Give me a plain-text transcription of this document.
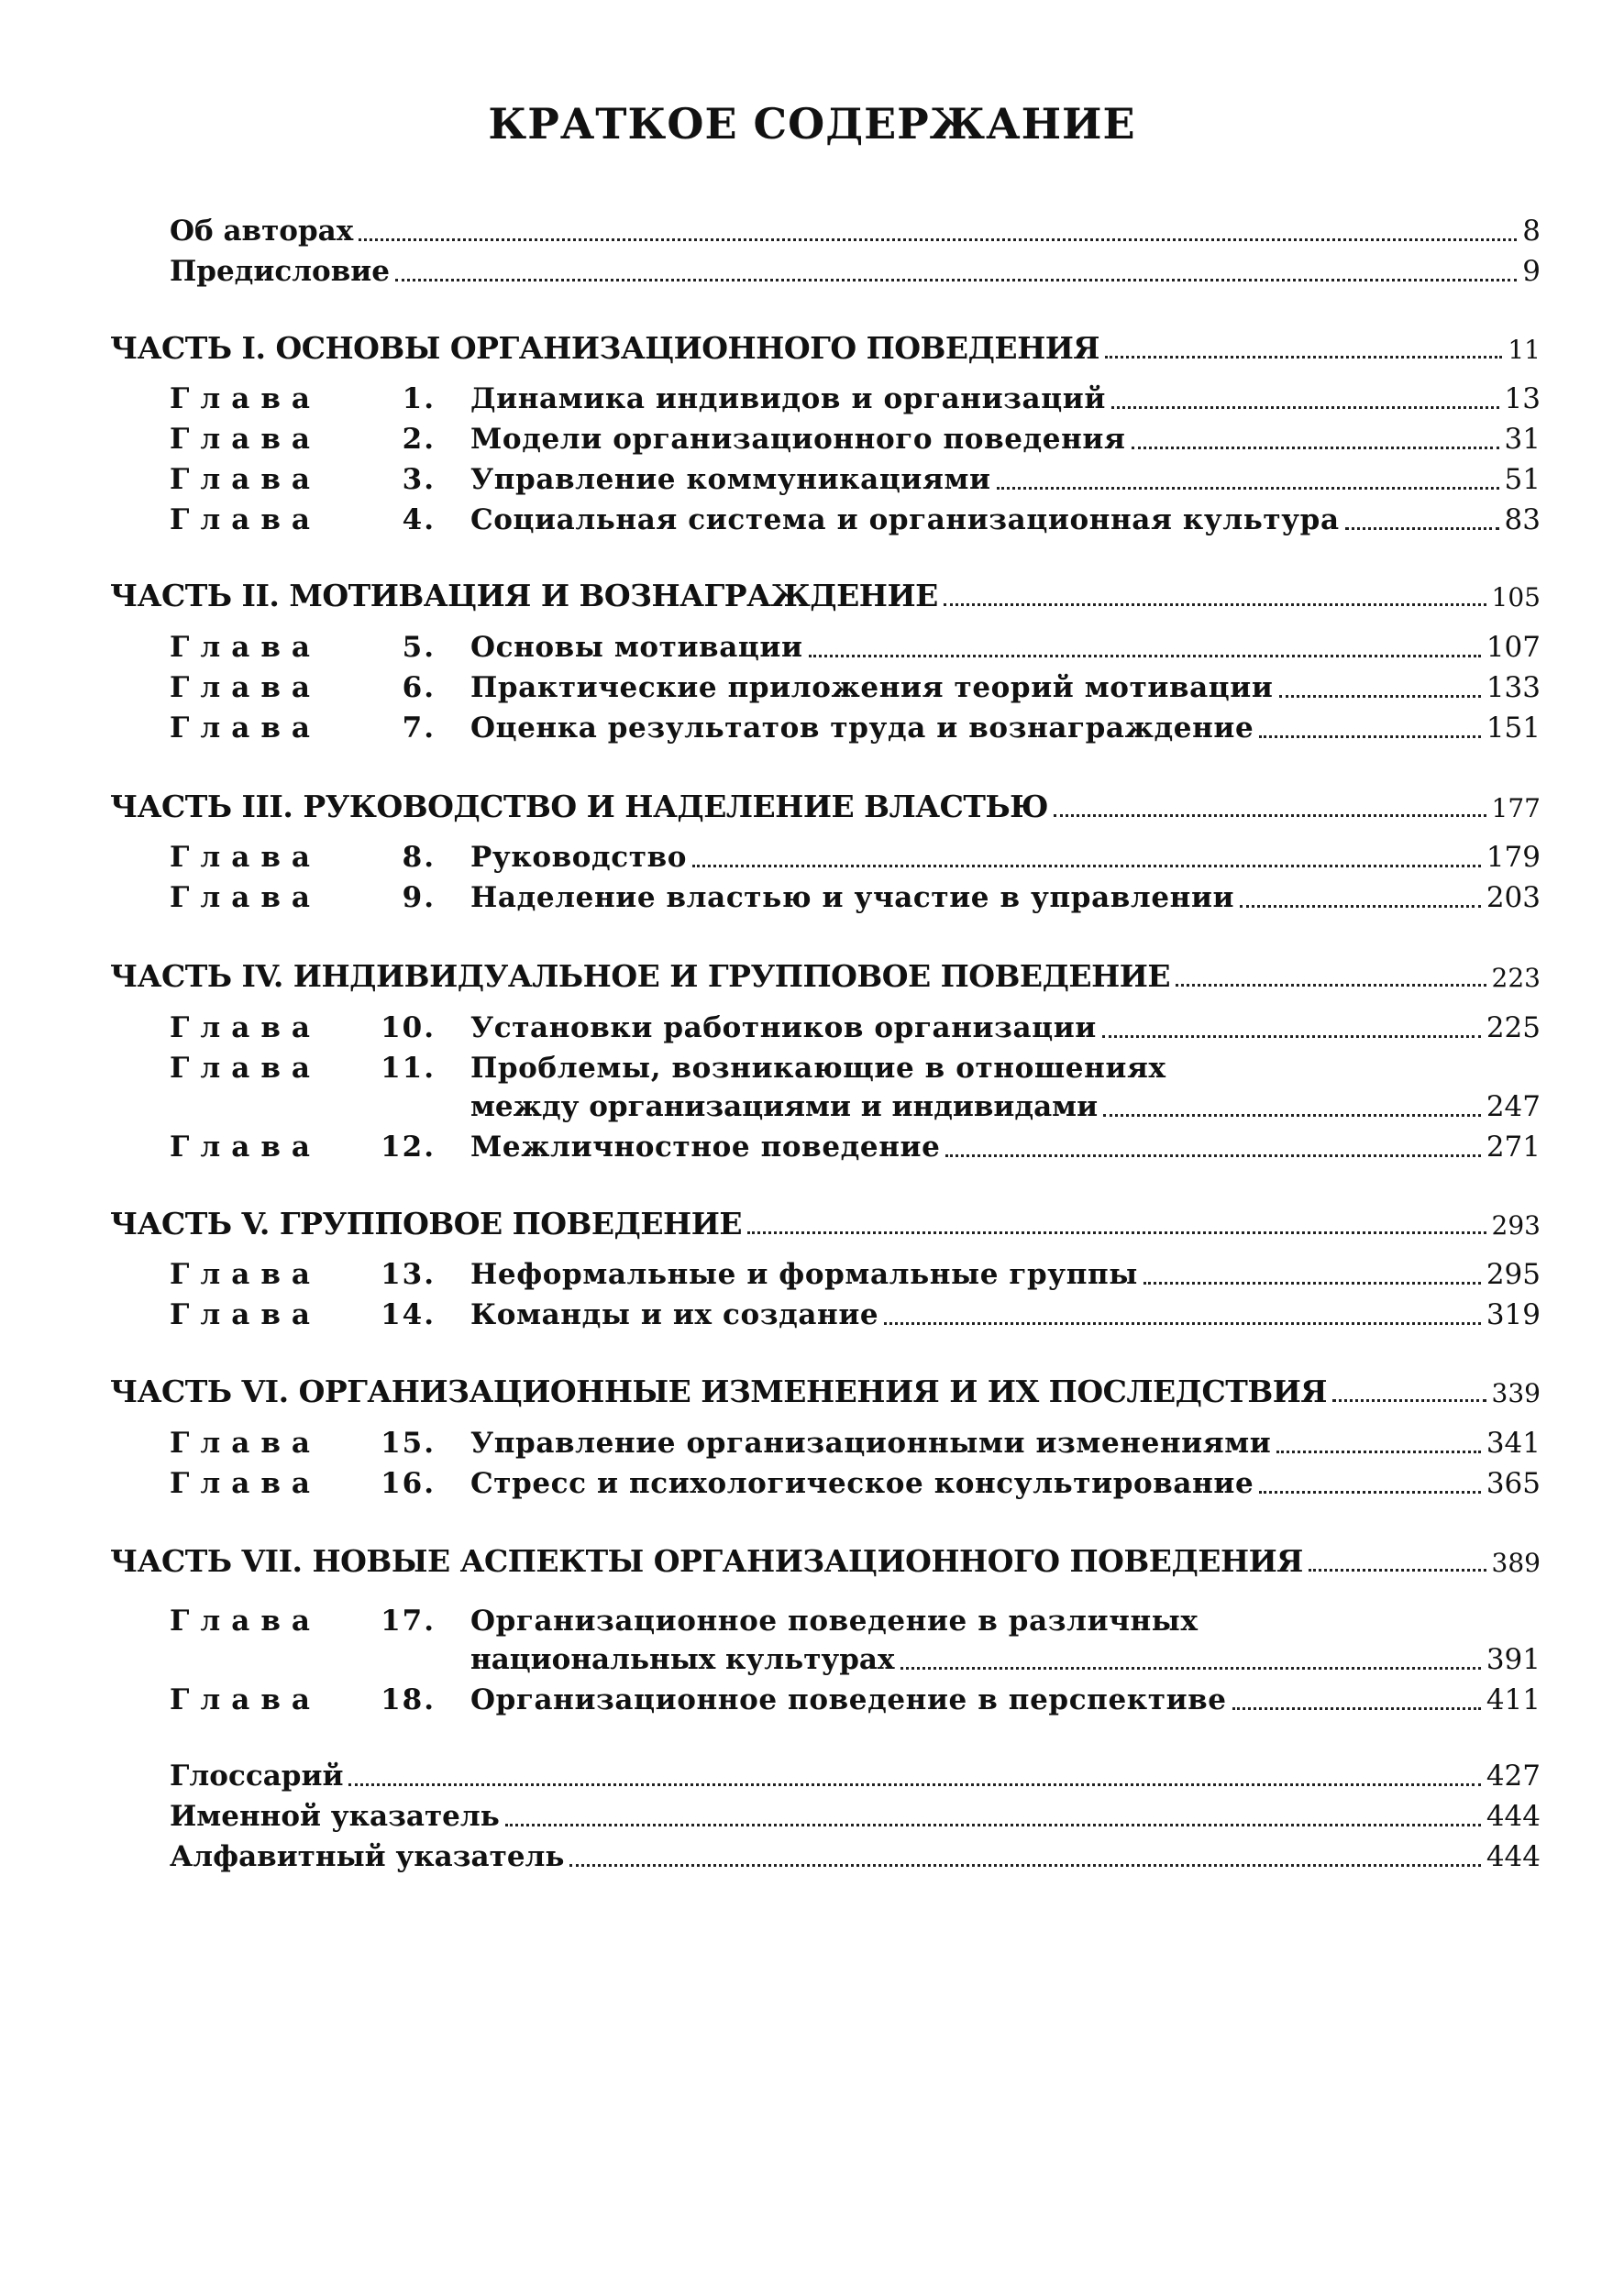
КРАТКОЕ СОДЕРЖАНИЕ
Об авторах	8
Предисловие	9
ЧАСТЬ I. ОСНОВЫ ОРГАНИЗАЦИОННОГО ПОВЕДЕНИЯ	11
Глава	1.	Динамика индивидов и организаций	13
Глава	2.	Модели организационного поведения	31
Глава	3.	Управление коммуникациями	51
Глава	4.	Социальная система и организационная культура	83
ЧАСТЬ II. МОТИВАЦИЯ И ВОЗНАГРАЖДЕНИЕ	105
Глава	5.	Основы мотивации	107
Глава	6.	Практические приложения теорий мотивации	133
Глава	7.	Оценка результатов труда и вознаграждение	151
ЧАСТЬ III. РУКОВОДСТВО И НАДЕЛЕНИЕ ВЛАСТЬЮ	177
Глава	8.	Руководство	179
Глава	9.	Наделение властью и участие в управлении	203
ЧАСТЬ IV. ИНДИВИДУАЛЬНОЕ И ГРУППОВОЕ ПОВЕДЕНИЕ	223
Глава	10.	Установки работников организации	225
Глава	11.	Проблемы, возникающие в отношениях
между организациями и индивидами	247
Глава	12.	Межличностное поведение	271
ЧАСТЬ V. ГРУППОВОЕ ПОВЕДЕНИЕ	293
Глава	13.	Неформальные и формальные группы	295
Глава	14.	Команды и их создание	319
ЧАСТЬ VI. ОРГАНИЗАЦИОННЫЕ ИЗМЕНЕНИЯ И ИХ ПОСЛЕДСТВИЯ	339
Глава	15.	Управление организационными изменениями	341
Глава	16.	Стресс и психологическое консультирование	365
ЧАСТЬ VII. НОВЫЕ АСПЕКТЫ ОРГАНИЗАЦИОННОГО ПОВЕДЕНИЯ	389
Глава	17.	Организационное поведение в различных
национальных культурах	391
Глава	18.	Организационное поведение в перспективе	411
Глоссарий	427
Именной указатель	444
Алфавитный указатель	444
